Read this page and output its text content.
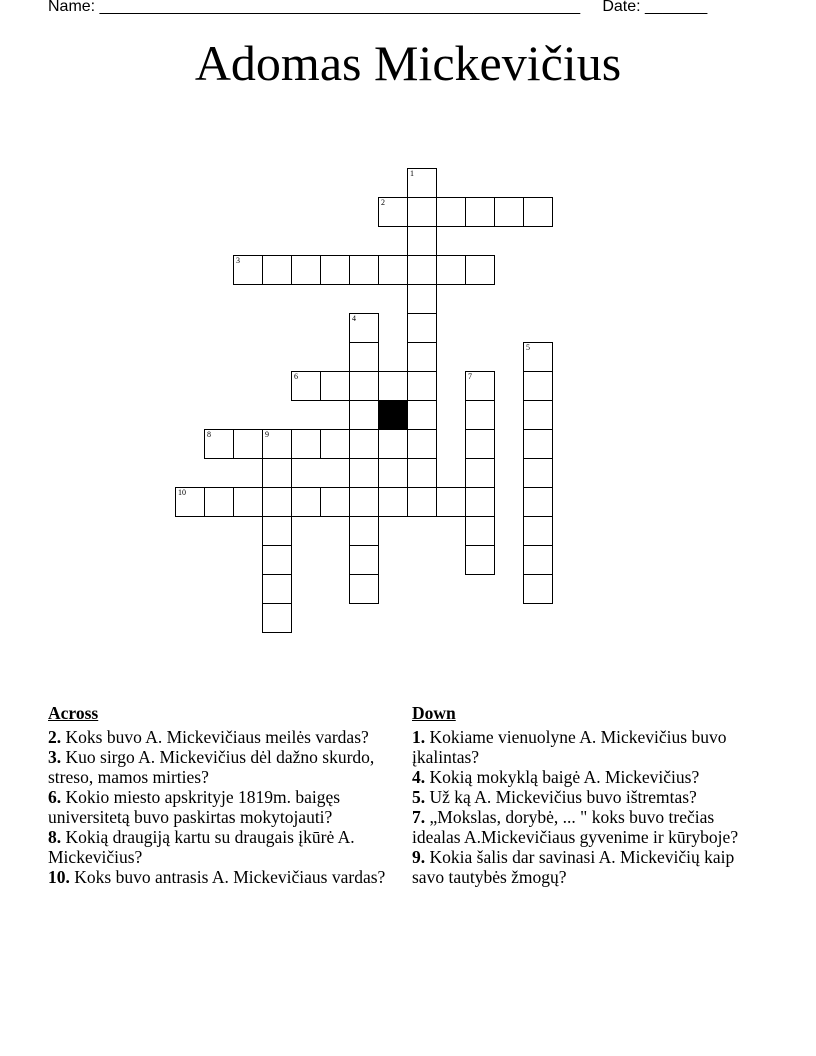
Name: ______________________________________________________ Date: _______
Adomas Mickevičius
2
3
6
8	9
10
1
4
5
7
Across
2. Koks buvo A. Mickevičiaus meilės vardas?
3. Kuo sirgo A. Mickevičius dėl dažno skurdo, streso, mamos mirties?
6. Kokio miesto apskrityje 1819m. baigęs universitetą buvo paskirtas mokytojauti?
8. Kokią draugiją kartu su draugais įkūrė A. Mickevičius?
10. Koks buvo antrasis A. Mickevičiaus vardas?
Down
1. Kokiame vienuolyne A. Mickevičius buvo įkalintas?
4. Kokią mokyklą baigė A. Mickevičius?
5. Už ką A. Mickevičius buvo ištremtas?
7. „Mokslas, dorybė, ... " koks buvo trečias idealas A.Mickevičiaus gyvenime ir kūryboje?
9. Kokia šalis dar savinasi A. Mickevičių kaip savo tautybės žmogų?
